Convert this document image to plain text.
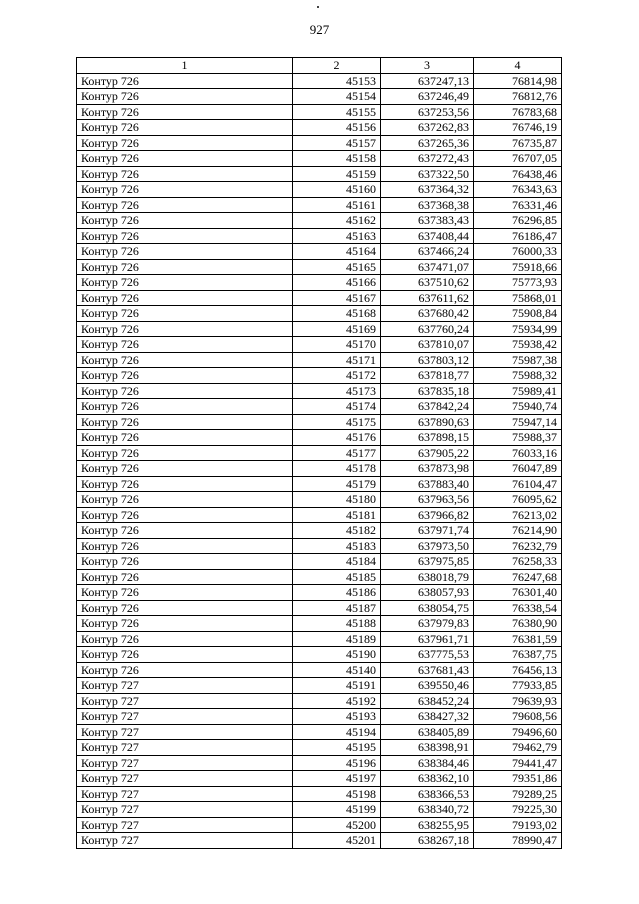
927
1	2	3	4
Контур 726	45153	637247,13	76814,98
Контур 726	45154	637246,49	76812,76
Контур 726	45155	637253,56	76783,68
Контур 726	45156	637262,83	76746,19
Контур 726	45157	637265,36	76735,87
Контур 726	45158	637272,43	76707,05
Контур 726	45159	637322,50	76438,46
Контур 726	45160	637364,32	76343,63
Контур 726	45161	637368,38	76331,46
Контур 726	45162	637383,43	76296,85
Контур 726	45163	637408,44	76186,47
Контур 726	45164	637466,24	76000,33
Контур 726	45165	637471,07	75918,66
Контур 726	45166	637510,62	75773,93
Контур 726	45167	637611,62	75868,01
Контур 726	45168	637680,42	75908,84
Контур 726	45169	637760,24	75934,99
Контур 726	45170	637810,07	75938,42
Контур 726	45171	637803,12	75987,38
Контур 726	45172	637818,77	75988,32
Контур 726	45173	637835,18	75989,41
Контур 726	45174	637842,24	75940,74
Контур 726	45175	637890,63	75947,14
Контур 726	45176	637898,15	75988,37
Контур 726	45177	637905,22	76033,16
Контур 726	45178	637873,98	76047,89
Контур 726	45179	637883,40	76104,47
Контур 726	45180	637963,56	76095,62
Контур 726	45181	637966,82	76213,02
Контур 726	45182	637971,74	76214,90
Контур 726	45183	637973,50	76232,79
Контур 726	45184	637975,85	76258,33
Контур 726	45185	638018,79	76247,68
Контур 726	45186	638057,93	76301,40
Контур 726	45187	638054,75	76338,54
Контур 726	45188	637979,83	76380,90
Контур 726	45189	637961,71	76381,59
Контур 726	45190	637775,53	76387,75
Контур 726	45140	637681,43	76456,13
Контур 727	45191	639550,46	77933,85
Контур 727	45192	638452,24	79639,93
Контур 727	45193	638427,32	79608,56
Контур 727	45194	638405,89	79496,60
Контур 727	45195	638398,91	79462,79
Контур 727	45196	638384,46	79441,47
Контур 727	45197	638362,10	79351,86
Контур 727	45198	638366,53	79289,25
Контур 727	45199	638340,72	79225,30
Контур 727	45200	638255,95	79193,02
Контур 727	45201	638267,18	78990,47
